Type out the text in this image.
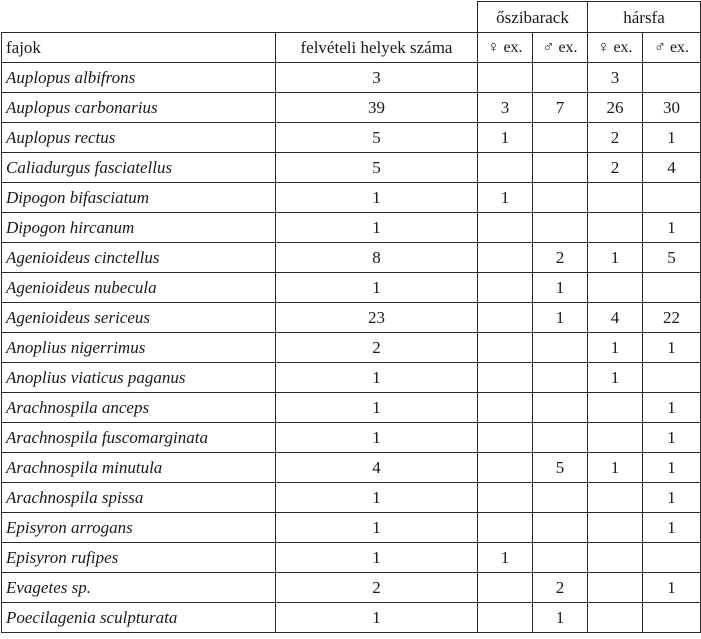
		őszibarack		hársfa	
fajok	felvételi helyek száma	♀ ex.	♂ ex.	♀ ex.	♂ ex.
Auplopus albifrons	3			3	
Auplopus carbonarius	39	3	7	26	30
Auplopus rectus	5	1		2	1
Caliadurgus fasciatellus	5			2	4
Dipogon bifasciatum	1	1			
Dipogon hircanum	1				1
Agenioideus cinctellus	8		2	1	5
Agenioideus nubecula	1		1		
Agenioideus sericeus	23		1	4	22
Anoplius nigerrimus	2			1	1
Anoplius viaticus paganus	1			1	
Arachnospila anceps	1				1
Arachnospila fuscomarginata	1				1
Arachnospila minutula	4		5	1	1
Arachnospila spissa	1				1
Episyron arrogans	1				1
Episyron rufipes	1	1			
Evagetes sp.	2		2		1
Poecilagenia sculpturata	1		1		
